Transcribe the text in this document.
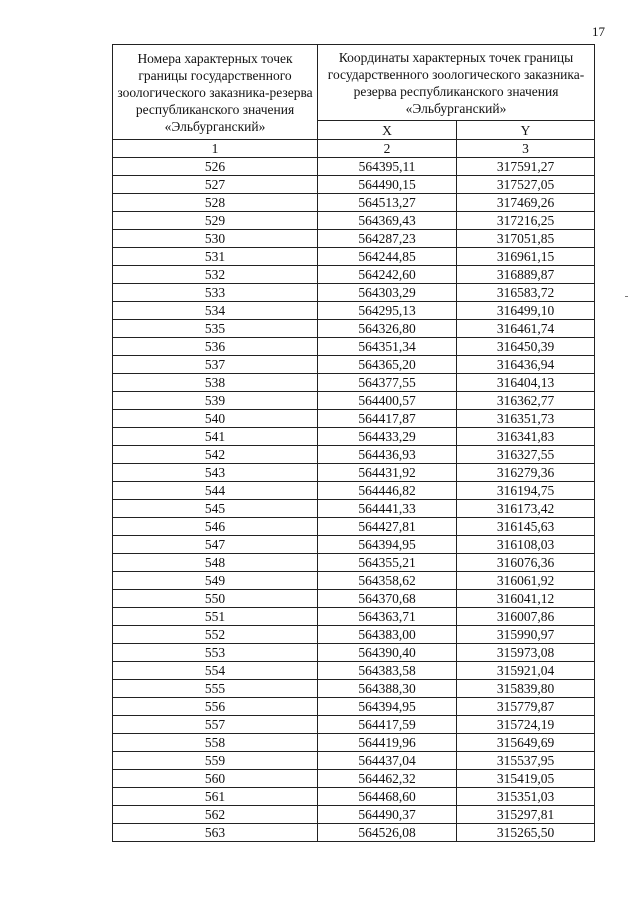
17
Номера характерных точек границы государственного зоологического заказника-резерва республиканского значения «Эльбурганский»	Координаты характерных точек границы государственного зоологического заказника-резерва республиканского значения «Эльбурганский»	
	X	Y
1	2	3
526	564395,11	317591,27
527	564490,15	317527,05
528	564513,27	317469,26
529	564369,43	317216,25
530	564287,23	317051,85
531	564244,85	316961,15
532	564242,60	316889,87
533	564303,29	316583,72
534	564295,13	316499,10
535	564326,80	316461,74
536	564351,34	316450,39
537	564365,20	316436,94
538	564377,55	316404,13
539	564400,57	316362,77
540	564417,87	316351,73
541	564433,29	316341,83
542	564436,93	316327,55
543	564431,92	316279,36
544	564446,82	316194,75
545	564441,33	316173,42
546	564427,81	316145,63
547	564394,95	316108,03
548	564355,21	316076,36
549	564358,62	316061,92
550	564370,68	316041,12
551	564363,71	316007,86
552	564383,00	315990,97
553	564390,40	315973,08
554	564383,58	315921,04
555	564388,30	315839,80
556	564394,95	315779,87
557	564417,59	315724,19
558	564419,96	315649,69
559	564437,04	315537,95
560	564462,32	315419,05
561	564468,60	315351,03
562	564490,37	315297,81
563	564526,08	315265,50
